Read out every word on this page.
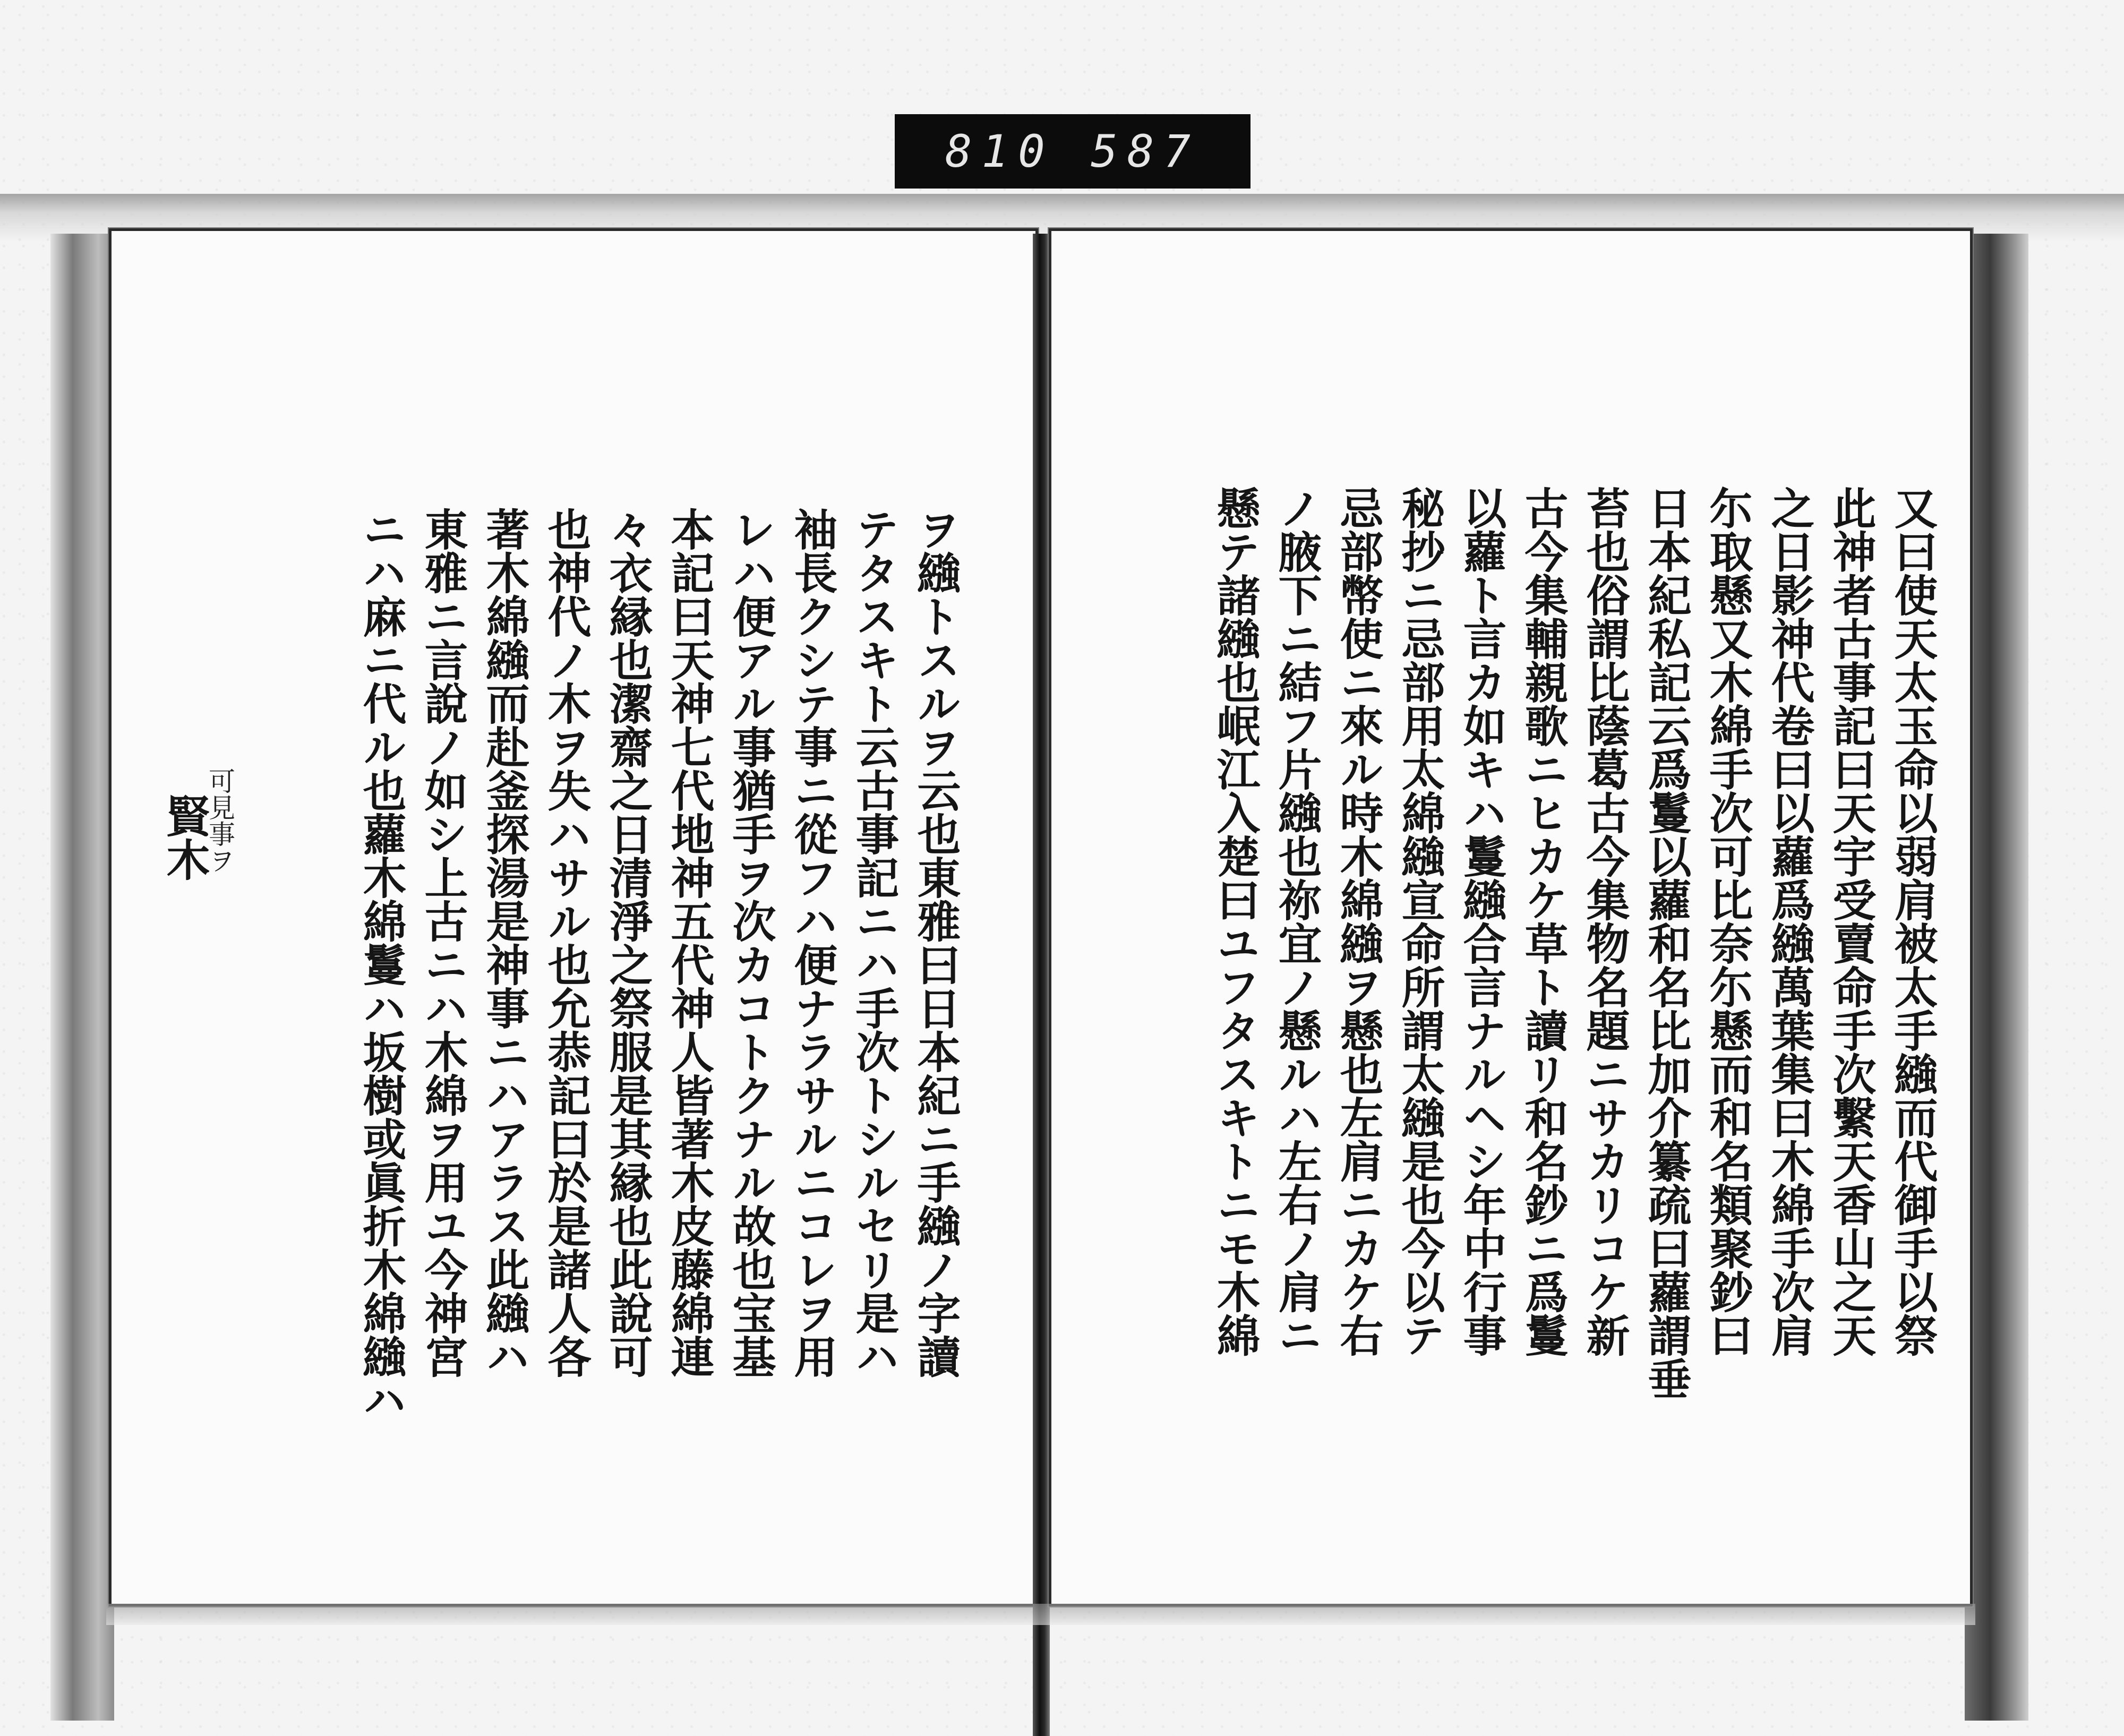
810 587
ヲ繈トスルヲ云也東雅曰日本紀ニ手繈ノ字讀
テタスキト云古事記ニハ手次トシルセリ是ハ
袖長クシテ事ニ從フハ便ナラサルニコレヲ用
レハ便アル事猶手ヲ次カコトクナル故也宝基
本記曰天神七代地神五代神人皆著木皮藤綿連
々衣縁也潔齋之日清淨之祭服是其縁也此說可
也神代ノ木ヲ失ハサル也允恭記曰於是諸人各
著木綿繈而赴釜探湯是神事ニハアラス此繈ハ
東雅ニ言說ノ如シ上古ニハ木綿ヲ用ユ今神宮
ニハ麻ニ代ル也蘿木綿鬘ハ坂樹或眞折木綿繈ハ
可見事ヲ
賢木	又曰使天太玉命以弱肩被太手繈而代御手以祭
此神者古事記曰天宇受賣命手次繫天香山之天
之日影神代卷曰以蘿爲繈萬葉集曰木綿手次肩
尓取懸又木綿手次可比奈尓懸而和名類聚鈔曰
日本紀私記云爲鬘以蘿和名比加介纂疏曰蘿謂垂
苔也俗謂比蔭葛古今集物名題ニサカリコケ新
古今集輔親歌ニヒカケ草ト讀リ和名鈔ニ爲鬘
以蘿ト言カ如キハ鬘繈合言ナルヘシ年中行事
秘抄ニ忌部用太綿繈宣命所謂太繈是也今以テ
忌部幣使ニ來ル時木綿繈ヲ懸也左肩ニカケ右
ノ腋下ニ結フ片繈也祢宜ノ懸ルハ左右ノ肩ニ
懸テ諸繈也岷江入楚曰ユフタスキトニモ木綿
